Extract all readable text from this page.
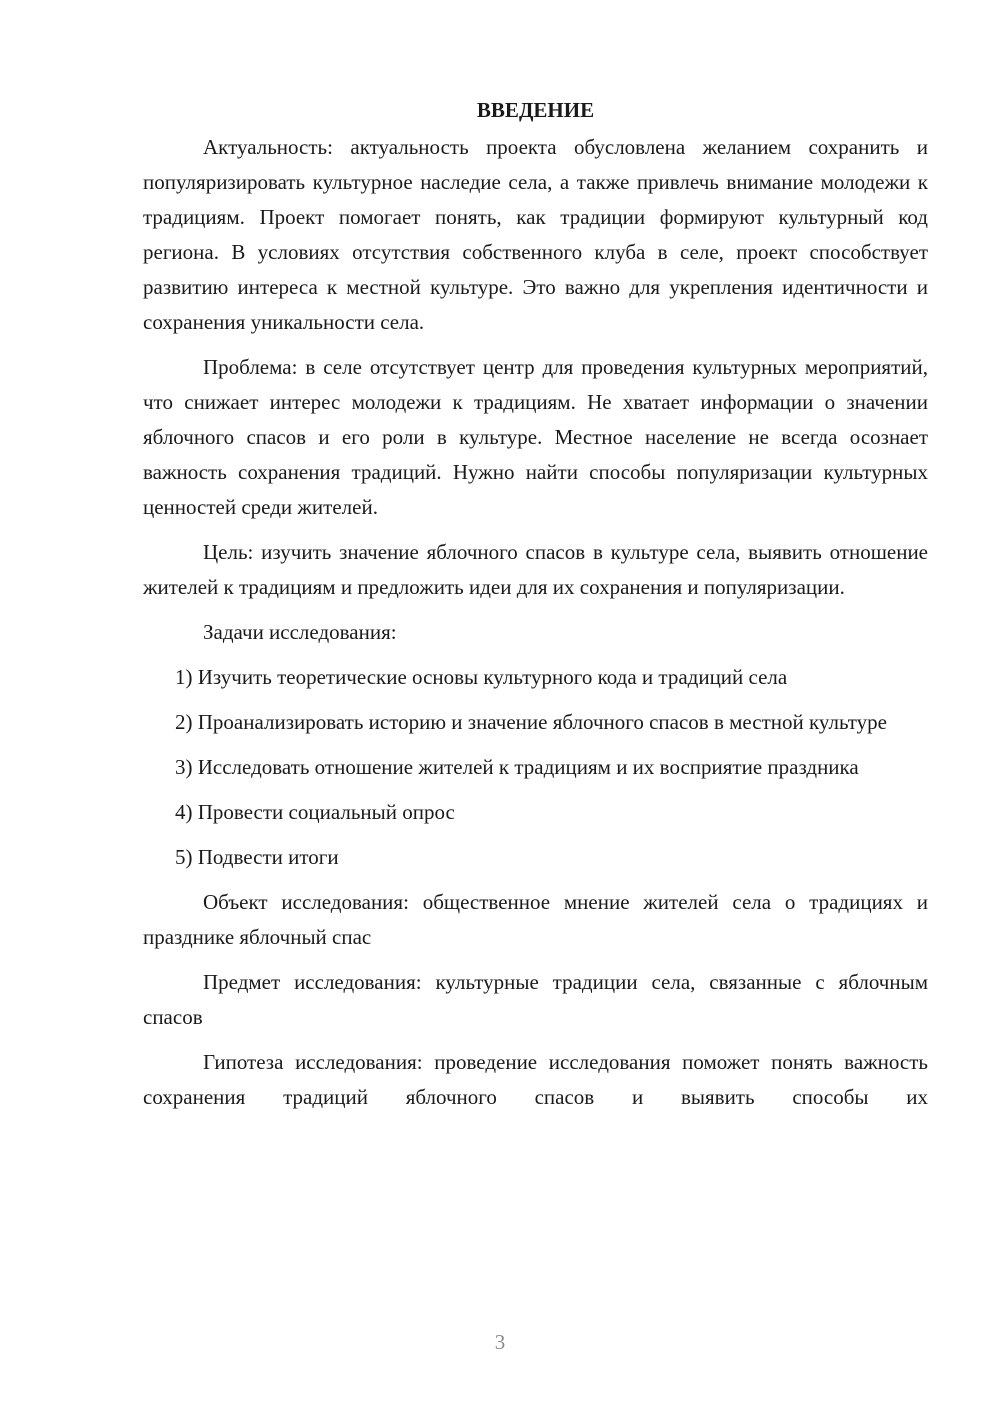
ВВЕДЕНИЕ

Актуальность: актуальность проекта обусловлена желанием сохранить и популяризировать культурное наследие села, а также привлечь внимание молодежи к традициям. Проект помогает понять, как традиции формируют культурный код региона. В условиях отсутствия собственного клуба в селе, проект способствует развитию интереса к местной культуре. Это важно для укрепления идентичности и сохранения уникальности села.

Проблема: в селе отсутствует центр для проведения культурных мероприятий, что снижает интерес молодежи к традициям. Не хватает информации о значении яблочного спасов и его роли в культуре. Местное население не всегда осознает важность сохранения традиций. Нужно найти способы популяризации культурных ценностей среди жителей.

Цель: изучить значение яблочного спасов в культуре села, выявить отношение жителей к традициям и предложить идеи для их сохранения и популяризации.

Задачи исследования:

1) Изучить теоретические основы культурного кода и традиций села

2) Проанализировать историю и значение яблочного спасов в местной культуре

3) Исследовать отношение жителей к традициям и их восприятие праздника

4) Провести социальный опрос

5) Подвести итоги

Объект исследования: общественное мнение жителей села о традициях и празднике яблочный спас

Предмет исследования: культурные традиции села, связанные с яблочным спасов

Гипотеза исследования: проведение исследования поможет понять важность сохранения традиций яблочного спасов и выявить способы их

3
